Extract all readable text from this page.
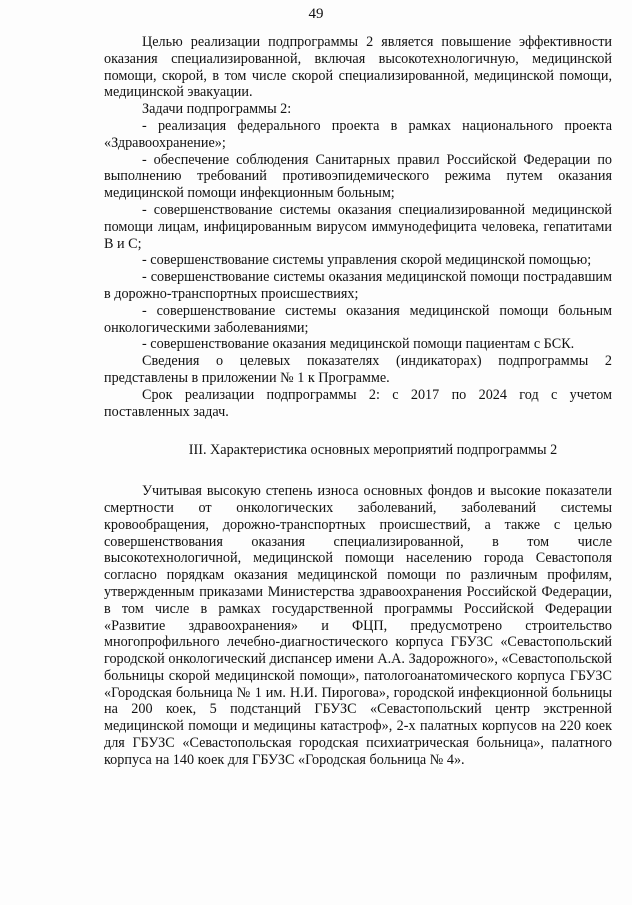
49

Целью реализации подпрограммы 2 является повышение эффективности оказания специализированной, включая высокотехнологичную, медицинской помощи, скорой, в том числе скорой специализированной, медицинской помощи, медицинской эвакуации.

Задачи подпрограммы 2:

- реализация федерального проекта в рамках национального проекта «Здравоохранение»;

- обеспечение соблюдения Санитарных правил Российской Федерации по выполнению требований противоэпидемического режима путем оказания медицинской помощи инфекционным больным;

- совершенствование системы оказания специализированной медицинской помощи лицам, инфицированным вирусом иммунодефицита человека, гепатитами В и С;

- совершенствование системы управления скорой медицинской помощью;

- совершенствование системы оказания медицинской помощи пострадавшим в дорожно-транспортных происшествиях;

- совершенствование системы оказания медицинской помощи больным онкологическими заболеваниями;

- совершенствование оказания медицинской помощи пациентам с БСК.

Сведения о целевых показателях (индикаторах) подпрограммы 2 представлены в приложении № 1 к Программе.

Срок реализации подпрограммы 2: с 2017 по 2024 год с учетом поставленных задач.

III. Характеристика основных мероприятий подпрограммы 2

Учитывая высокую степень износа основных фондов и высокие показатели смертности от онкологических заболеваний, заболеваний системы кровообращения, дорожно-транспортных происшествий, а также с целью совершенствования оказания специализированной, в том числе высокотехнологичной, медицинской помощи населению города Севастополя согласно порядкам оказания медицинской помощи по различным профилям, утвержденным приказами Министерства здравоохранения Российской Федерации, в том числе в рамках государственной программы Российской Федерации «Развитие здравоохранения» и ФЦП, предусмотрено строительство многопрофильного лечебно-диагностического корпуса ГБУЗС «Севастопольский городской онкологический диспансер имени А.А. Задорожного», «Севастопольской больницы скорой медицинской помощи», патологоанатомического корпуса ГБУЗС «Городская больница № 1 им. Н.И. Пирогова», городской инфекционной больницы на 200 коек, 5 подстанций ГБУЗС «Севастопольский центр экстренной медицинской помощи и медицины катастроф», 2-х палатных корпусов на 220 коек для ГБУЗС «Севастопольская городская психиатрическая больница», палатного корпуса на 140 коек для ГБУЗС «Городская больница № 4».
